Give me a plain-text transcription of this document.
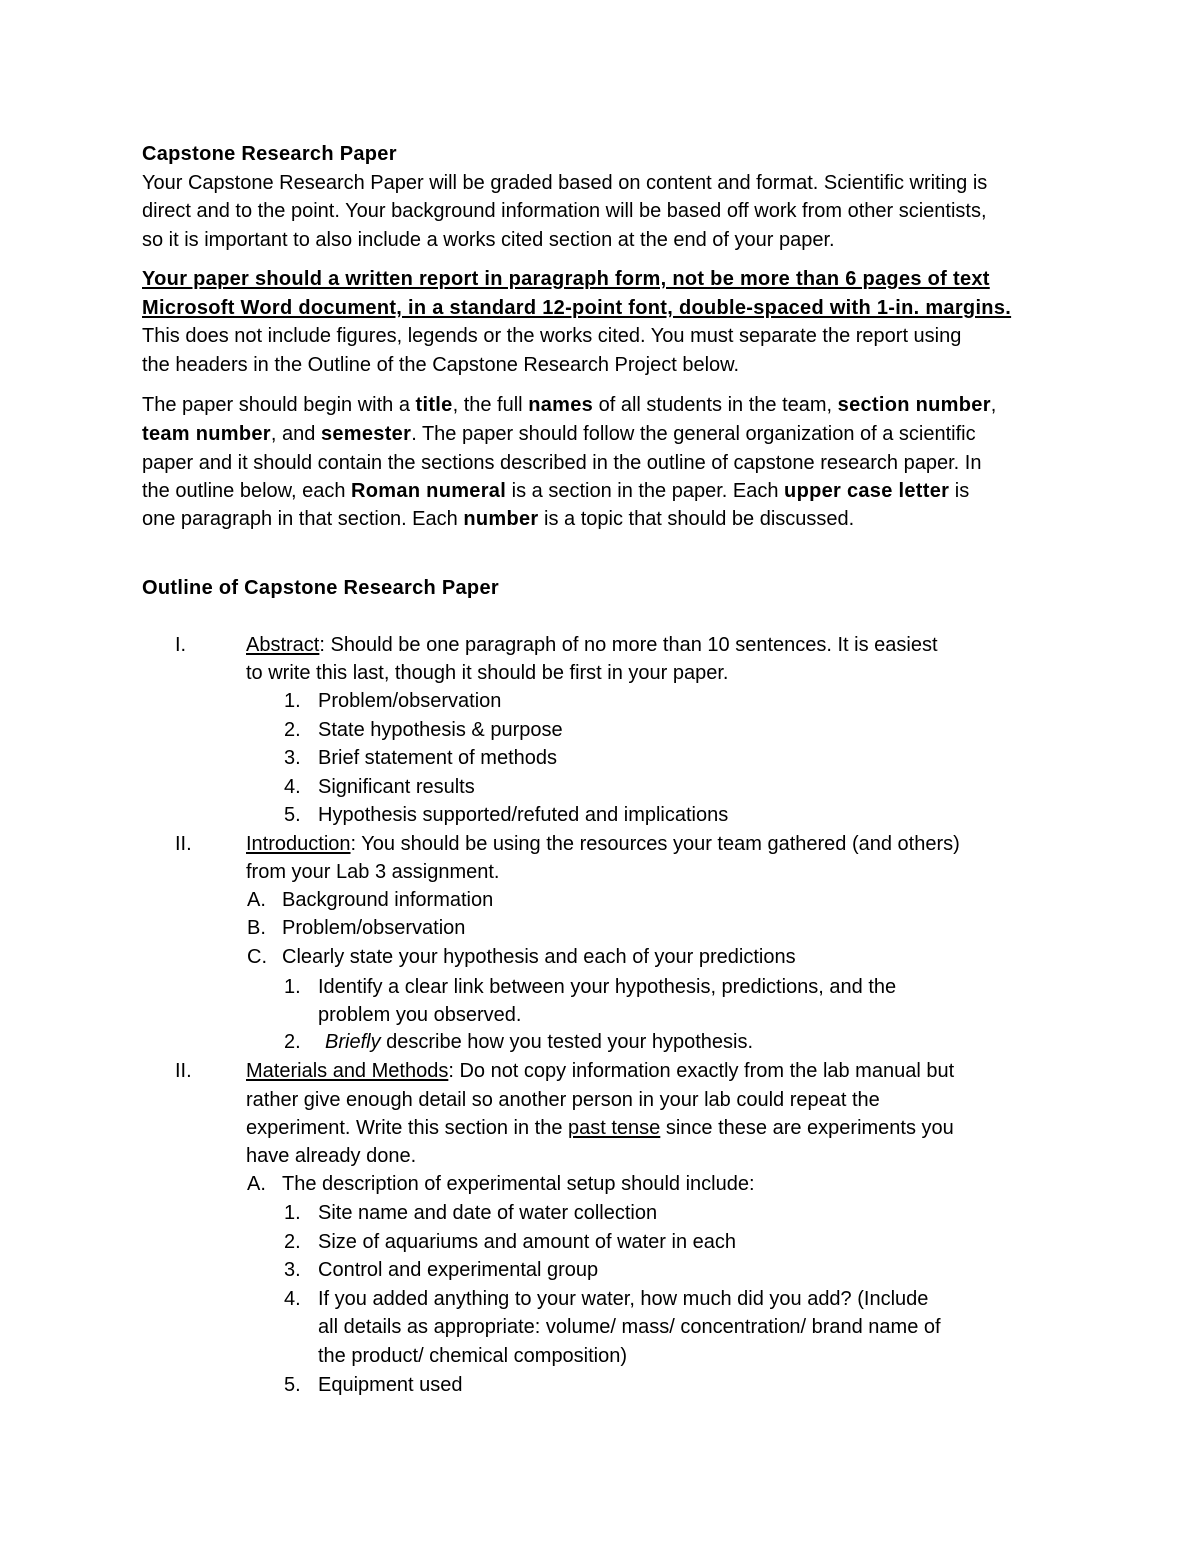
Capstone Research Paper
Your Capstone Research Paper will be graded based on content and format. Scientific writing is
direct and to the point. Your background information will be based off work from other scientists,
so it is important to also include a works cited section at the end of your paper.
Your paper should a written report in paragraph form, not be more than 6 pages of text
Microsoft Word document, in a standard 12-point font, double-spaced with 1-in. margins.
This does not include figures, legends or the works cited. You must separate the report using
the headers in the Outline of the Capstone Research Project below.
The paper should begin with a title, the full names of all students in the team, section number,
team number, and semester. The paper should follow the general organization of a scientific
paper and it should contain the sections described in the outline of capstone research paper. In
the outline below, each Roman numeral is a section in the paper. Each upper case letter is
one paragraph in that section. Each number is a topic that should be discussed.
Outline of Capstone Research Paper
I.	Abstract: Should be one paragraph of no more than 10 sentences. It is easiest
to write this last, though it should be first in your paper.
1. Problem/observation
2. State hypothesis & purpose
3. Brief statement of methods
4. Significant results
5. Hypothesis supported/refuted and implications
II.	Introduction: You should be using the resources your team gathered (and others)
from your Lab 3 assignment.
A. Background information
B. Problem/observation
C. Clearly state your hypothesis and each of your predictions
1. Identify a clear link between your hypothesis, predictions, and the
problem you observed.
2. Briefly describe how you tested your hypothesis.
II.	Materials and Methods: Do not copy information exactly from the lab manual but
rather give enough detail so another person in your lab could repeat the
experiment. Write this section in the past tense since these are experiments you
have already done.
A. The description of experimental setup should include:
1. Site name and date of water collection
2. Size of aquariums and amount of water in each
3. Control and experimental group
4. If you added anything to your water, how much did you add? (Include
all details as appropriate: volume/ mass/ concentration/ brand name of
the product/ chemical composition)
5. Equipment used
